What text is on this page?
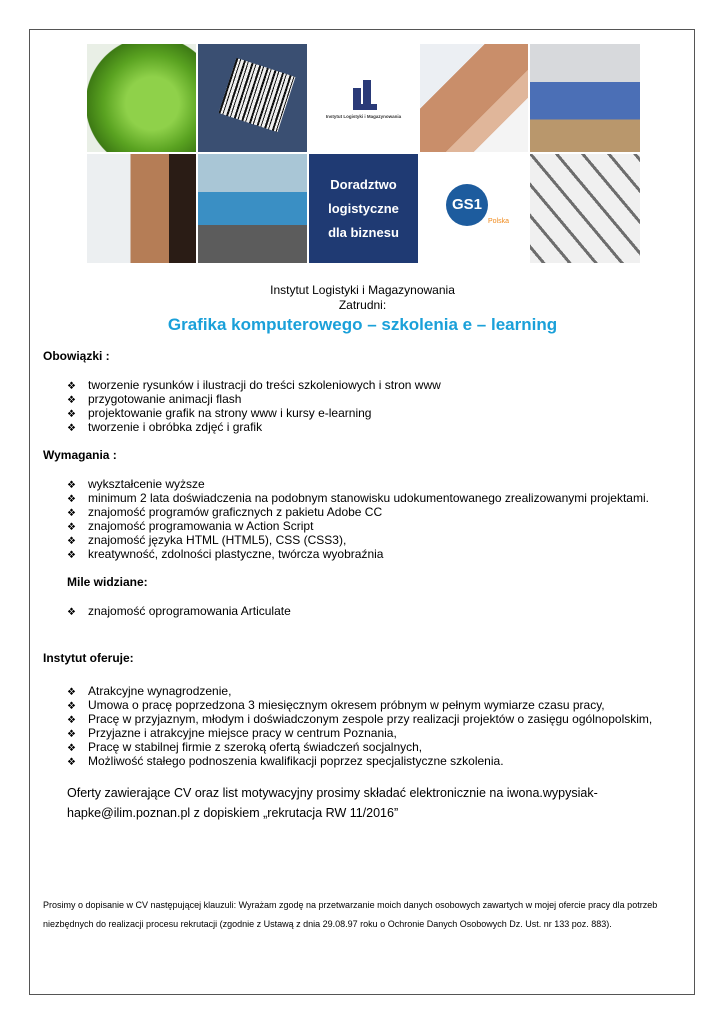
Instytut Logistyki i Magazynowania
Doradztwo
logistyczne
dla biznesu
GS1
Polska
Instytut Logistyki i Magazynowania
Zatrudni:
Grafika komputerowego – szkolenia e – learning
Obowiązki :
❖ tworzenie rysunków i ilustracji do treści szkoleniowych i stron www
❖ przygotowanie animacji flash
❖ projektowanie grafik na strony www i kursy e-learning
❖ tworzenie i obróbka zdjęć i grafik
Wymagania :
❖ wykształcenie wyższe
❖ minimum 2 lata doświadczenia na podobnym stanowisku udokumentowanego zrealizowanymi projektami.
❖ znajomość programów graficznych z pakietu Adobe CC
❖ znajomość programowania w Action Script
❖ znajomość języka HTML (HTML5), CSS (CSS3),
❖ kreatywność, zdolności plastyczne, twórcza wyobraźnia
Mile widziane:
❖ znajomość oprogramowania Articulate
Instytut oferuje:
❖ Atrakcyjne wynagrodzenie,
❖ Umowa o pracę poprzedzona 3 miesięcznym okresem próbnym w pełnym wymiarze czasu pracy,
❖ Pracę w przyjaznym, młodym i doświadczonym zespole przy realizacji projektów o zasięgu ogólnopolskim,
❖ Przyjazne i atrakcyjne miejsce pracy w centrum Poznania,
❖ Pracę w stabilnej firmie z szeroką ofertą świadczeń socjalnych,
❖ Możliwość stałego podnoszenia kwalifikacji poprzez specjalistyczne szkolenia.
Oferty zawierające CV oraz list motywacyjny prosimy składać elektronicznie na iwona.wypysiak-
hapke@ilim.poznan.pl z dopiskiem „rekrutacja RW 11/2016”
Prosimy o dopisanie w CV następującej klauzuli: Wyrażam zgodę na przetwarzanie moich danych osobowych zawartych w mojej ofercie pracy dla potrzeb niezbędnych do realizacji procesu rekrutacji (zgodnie z Ustawą z dnia 29.08.97 roku o Ochronie Danych Osobowych Dz. Ust. nr 133 poz. 883).
